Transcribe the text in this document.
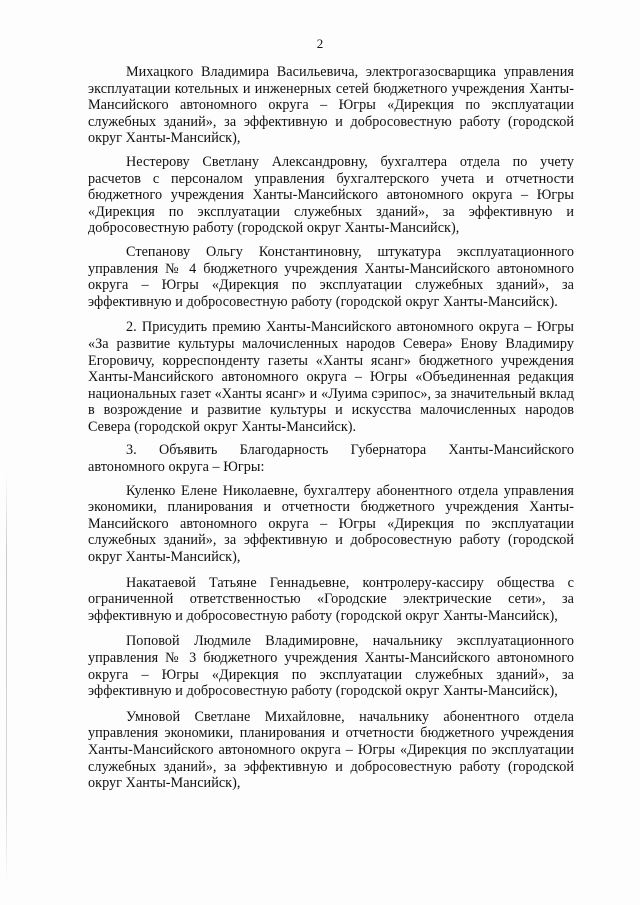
2

Михацкого Владимира Васильевича, электрогазосварщика управления эксплуатации котельных и инженерных сетей бюджетного учреждения Ханты-Мансийского автономного округа – Югры «Дирекция по эксплуатации служебных зданий», за эффективную и добросовестную работу (городской округ Ханты-Мансийск),

Нестерову Светлану Александровну, бухгалтера отдела по учету расчетов с персоналом управления бухгалтерского учета и отчетности бюджетного учреждения Ханты-Мансийского автономного округа – Югры «Дирекция по эксплуатации служебных зданий», за эффективную и добросовестную работу (городской округ Ханты-Мансийск),

Степанову Ольгу Константиновну, штукатура эксплуатационного управления № 4 бюджетного учреждения Ханты-Мансийского автономного округа – Югры «Дирекция по эксплуатации служебных зданий», за эффективную и добросовестную работу (городской округ Ханты-Мансийск).

2. Присудить премию Ханты-Мансийского автономного округа – Югры «За развитие культуры малочисленных народов Севера» Енову Владимиру Егоровичу, корреспонденту газеты «Ханты ясанг» бюджетного учреждения Ханты-Мансийского автономного округа – Югры «Объединенная редакция национальных газет «Ханты ясанг» и «Луима сэрипос», за значительный вклад в возрождение и развитие культуры и искусства малочисленных народов Севера (городской округ Ханты-Мансийск).

3. Объявить Благодарность Губернатора Ханты-Мансийского автономного округа – Югры:

Куленко Елене Николаевне, бухгалтеру абонентного отдела управления экономики, планирования и отчетности бюджетного учреждения Ханты-Мансийского автономного округа – Югры «Дирекция по эксплуатации служебных зданий», за эффективную и добросовестную работу (городской округ Ханты-Мансийск),

Накатаевой Татьяне Геннадьевне, контролеру-кассиру общества с ограниченной ответственностью «Городские электрические сети», за эффективную и добросовестную работу (городской округ Ханты-Мансийск),

Поповой Людмиле Владимировне, начальнику эксплуатационного управления № 3 бюджетного учреждения Ханты-Мансийского автономного округа – Югры «Дирекция по эксплуатации служебных зданий», за эффективную и добросовестную работу (городской округ Ханты-Мансийск),

Умновой Светлане Михайловне, начальнику абонентного отдела управления экономики, планирования и отчетности бюджетного учреждения Ханты-Мансийского автономного округа – Югры «Дирекция по эксплуатации служебных зданий», за эффективную и добросовестную работу (городской округ Ханты-Мансийск),
